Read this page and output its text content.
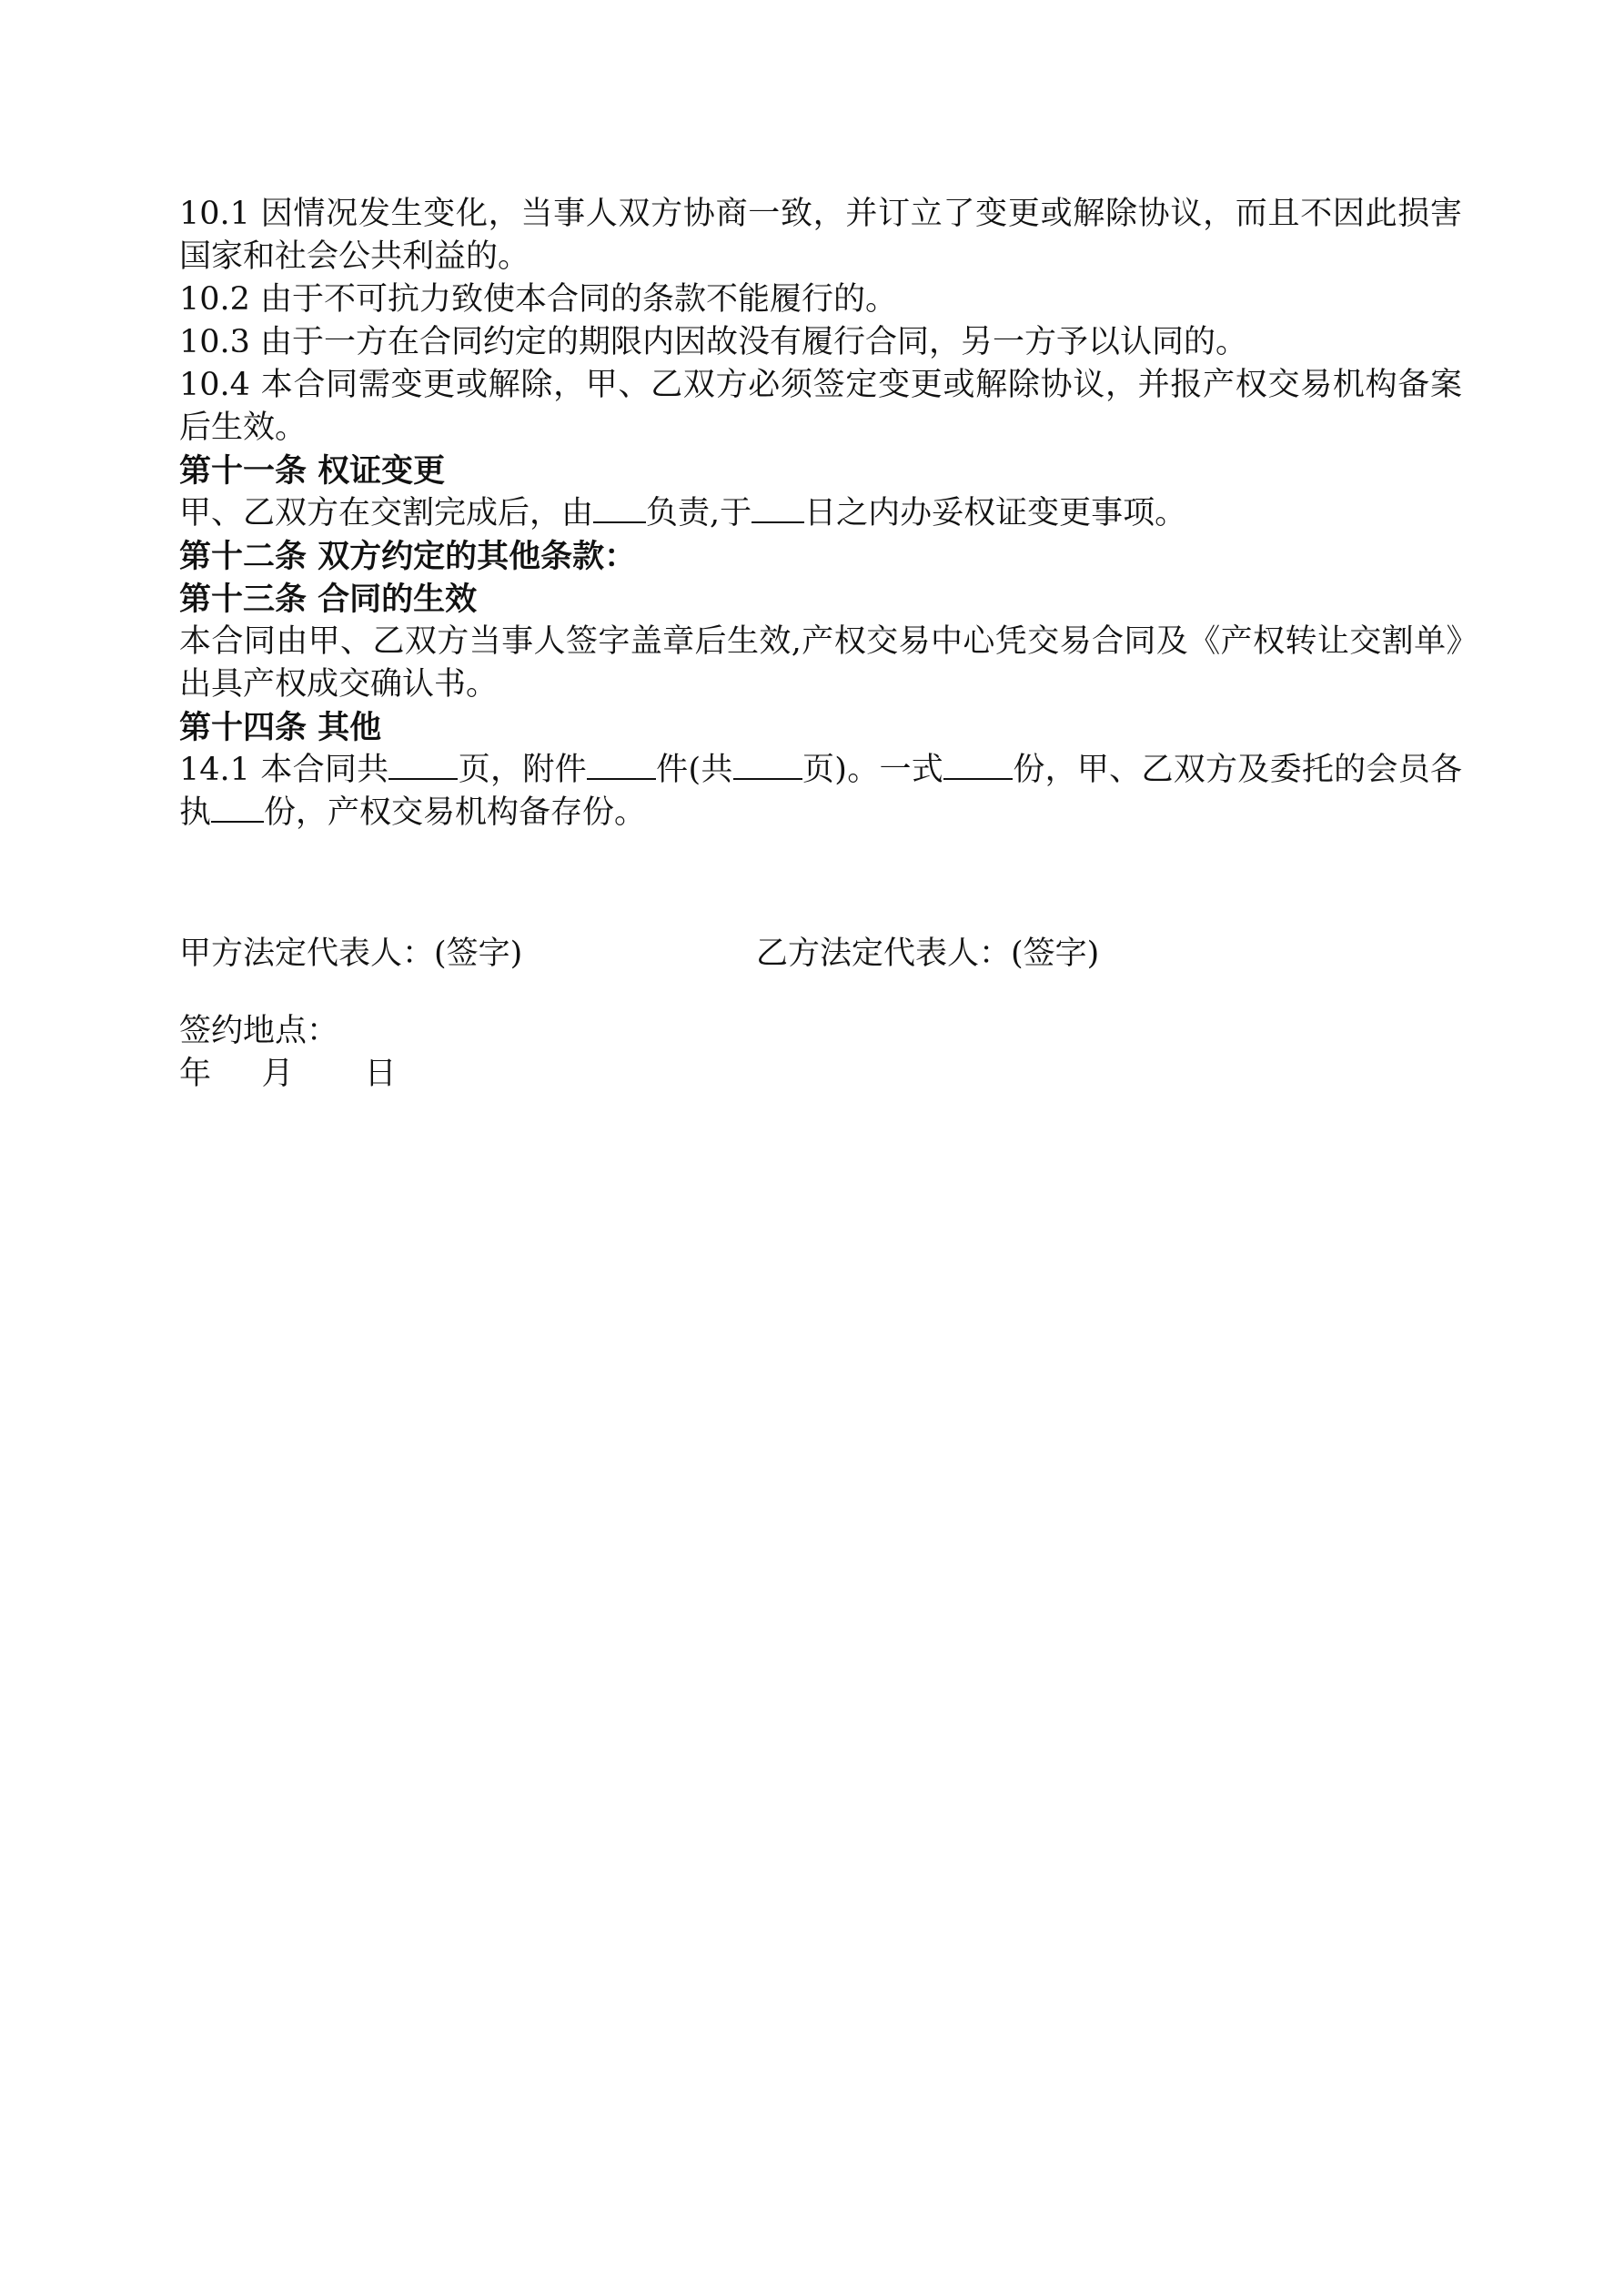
10.1 因情况发生变化，当事人双方协商一致，并订立了变更或解除协议，而且不因此损害国家和社会公共利益的。

10.2 由于不可抗力致使本合同的条款不能履行的。

10.3 由于一方在合同约定的期限内因故没有履行合同，另一方予以认同的。

10.4 本合同需变更或解除，甲、乙双方必须签定变更或解除协议，并报产权交易机构备案后生效。

第十一条 权证变更

甲、乙双方在交割完成后，由 负责,于 日之内办妥权证变更事项。

第十二条 双方约定的其他条款：

第十三条 合同的生效

本合同由甲、乙双方当事人签字盖章后生效,产权交易中心凭交易合同及《产权转让交割单》出具产权成交确认书。

第十四条 其他

14.1 本合同共 页，附件 件(共 页)。一式 份，甲、乙双方及委托的会员各执 份，产权交易机构备存份。

甲方法定代表人：(签字)	乙方法定代表人：(签字)
签约地点：
年 月 日
